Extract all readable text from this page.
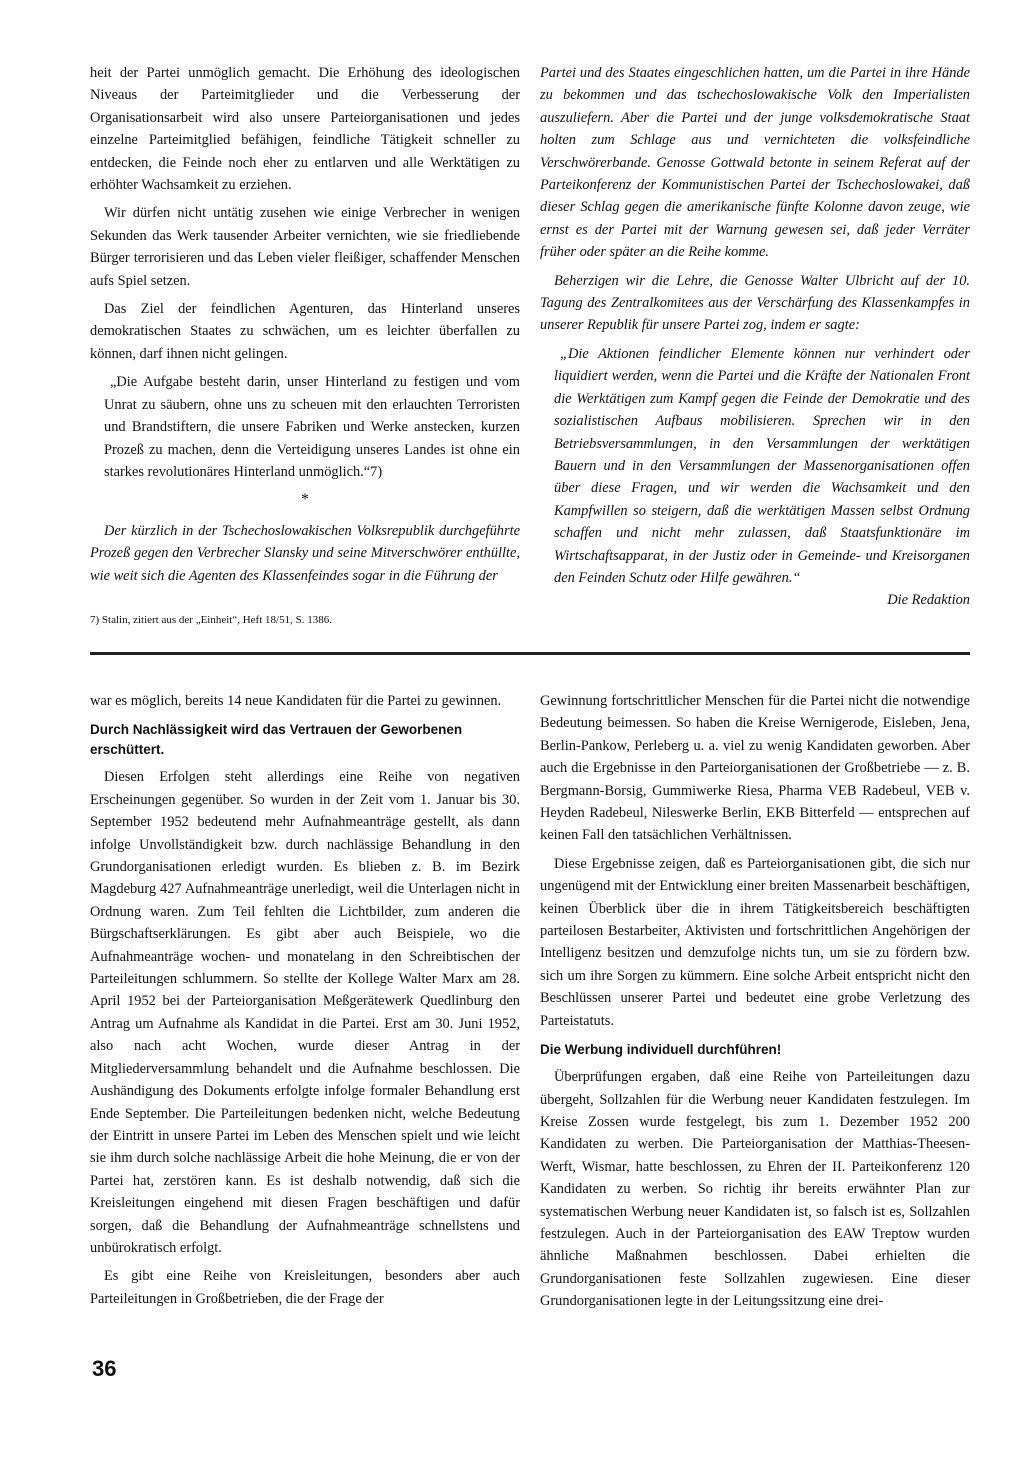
heit der Partei unmöglich gemacht. Die Erhöhung des ideologischen Niveaus der Parteimitglieder und die Verbesserung der Organisationsarbeit wird also unsere Parteiorganisationen und jedes einzelne Parteimitglied befähigen, feindliche Tätigkeit schneller zu entdecken, die Feinde noch eher zu entlarven und alle Werktätigen zu erhöhter Wachsamkeit zu erziehen.

Wir dürfen nicht untätig zusehen wie einige Verbrecher in wenigen Sekunden das Werk tausender Arbeiter vernichten, wie sie friedliebende Bürger terrorisieren und das Leben vieler fleißiger, schaffender Menschen aufs Spiel setzen.

Das Ziel der feindlichen Agenturen, das Hinterland unseres demokratischen Staates zu schwächen, um es leichter überfallen zu können, darf ihnen nicht gelingen.

„Die Aufgabe besteht darin, unser Hinterland zu festigen und vom Unrat zu säubern, ohne uns zu scheuen mit den erlauchten Terroristen und Brandstiftern, die unsere Fabriken und Werke anstecken, kurzen Prozeß zu machen, denn die Verteidigung unseres Landes ist ohne ein starkes revolutionäres Hinterland unmöglich.“7)

*

Der kürzlich in der Tschechoslowakischen Volksrepublik durchgeführte Prozeß gegen den Verbrecher Slansky und seine Mitverschwörer enthüllte, wie weit sich die Agenten des Klassenfeindes sogar in die Führung der

7) Stalin, zitiert aus der „Einheit“, Heft 18/51, S. 1386.

Partei und des Staates eingeschlichen hatten, um die Partei in ihre Hände zu bekommen und das tschechoslowakische Volk den Imperialisten auszuliefern. Aber die Partei und der junge volksdemokratische Staat holten zum Schlage aus und vernichteten die volksfeindliche Verschwörerbande. Genosse Gottwald betonte in seinem Referat auf der Parteikonferenz der Kommunistischen Partei der Tschechoslowakei, daß dieser Schlag gegen die amerikanische fünfte Kolonne davon zeuge, wie ernst es der Partei mit der Warnung gewesen sei, daß jeder Verräter früher oder später an die Reihe komme.

Beherzigen wir die Lehre, die Genosse Walter Ulbricht auf der 10. Tagung des Zentralkomitees aus der Verschärfung des Klassenkampfes in unserer Republik für unsere Partei zog, indem er sagte:

„Die Aktionen feindlicher Elemente können nur verhindert oder liquidiert werden, wenn die Partei und die Kräfte der Nationalen Front die Werktätigen zum Kampf gegen die Feinde der Demokratie und des sozialistischen Aufbaus mobilisieren. Sprechen wir in den Betriebsversammlungen, in den Versammlungen der werktätigen Bauern und in den Versammlungen der Massenorganisationen offen über diese Fragen, und wir werden die Wachsamkeit und den Kampfwillen so steigern, daß die werktätigen Massen selbst Ordnung schaffen und nicht mehr zulassen, daß Staatsfunktionäre im Wirtschaftsapparat, in der Justiz oder in Gemeinde- und Kreisorganen den Feinden Schutz oder Hilfe gewähren.“

Die Redaktion

war es möglich, bereits 14 neue Kandidaten für die Partei zu gewinnen.

Durch Nachlässigkeit wird das Vertrauen der Geworbenen erschüttert.

Diesen Erfolgen steht allerdings eine Reihe von negativen Erscheinungen gegenüber. So wurden in der Zeit vom 1. Januar bis 30. September 1952 bedeutend mehr Aufnahmeanträge gestellt, als dann infolge Unvollständigkeit bzw. durch nachlässige Behandlung in den Grundorganisationen erledigt wurden. Es blieben z. B. im Bezirk Magdeburg 427 Aufnahmeanträge unerledigt, weil die Unterlagen nicht in Ordnung waren. Zum Teil fehlten die Lichtbilder, zum anderen die Bürgschaftserklärungen. Es gibt aber auch Beispiele, wo die Aufnahmeanträge wochen- und monatelang in den Schreibtischen der Parteileitungen schlummern. So stellte der Kollege Walter Marx am 28. April 1952 bei der Parteiorganisation Meßgerätewerk Quedlinburg den Antrag um Aufnahme als Kandidat in die Partei. Erst am 30. Juni 1952, also nach acht Wochen, wurde dieser Antrag in der Mitgliederversammlung behandelt und die Aufnahme beschlossen. Die Aushändigung des Dokuments erfolgte infolge formaler Behandlung erst Ende September. Die Parteileitungen bedenken nicht, welche Bedeutung der Eintritt in unsere Partei im Leben des Menschen spielt und wie leicht sie ihm durch solche nachlässige Arbeit die hohe Meinung, die er von der Partei hat, zerstören kann. Es ist deshalb notwendig, daß sich die Kreisleitungen eingehend mit diesen Fragen beschäftigen und dafür sorgen, daß die Behandlung der Aufnahmeanträge schnellstens und unbürokratisch erfolgt.

Es gibt eine Reihe von Kreisleitungen, besonders aber auch Parteileitungen in Großbetrieben, die der Frage der

Gewinnung fortschrittlicher Menschen für die Partei nicht die notwendige Bedeutung beimessen. So haben die Kreise Wernigerode, Eisleben, Jena, Berlin-Pankow, Perleberg u. a. viel zu wenig Kandidaten geworben. Aber auch die Ergebnisse in den Parteiorganisationen der Großbetriebe — z. B. Bergmann-Borsig, Gummiwerke Riesa, Pharma VEB Radebeul, VEB v. Heyden Radebeul, Nileswerke Berlin, EKB Bitterfeld — entsprechen auf keinen Fall den tatsächlichen Verhältnissen.

Diese Ergebnisse zeigen, daß es Parteiorganisationen gibt, die sich nur ungenügend mit der Entwicklung einer breiten Massenarbeit beschäftigen, keinen Überblick über die in ihrem Tätigkeitsbereich beschäftigten parteilosen Bestarbeiter, Aktivisten und fortschrittlichen Angehörigen der Intelligenz besitzen und demzufolge nichts tun, um sie zu fördern bzw. sich um ihre Sorgen zu kümmern. Eine solche Arbeit entspricht nicht den Beschlüssen unserer Partei und bedeutet eine grobe Verletzung des Parteistatuts.

Die Werbung individuell durchführen!

Überprüfungen ergaben, daß eine Reihe von Parteileitungen dazu übergeht, Sollzahlen für die Werbung neuer Kandidaten festzulegen. Im Kreise Zossen wurde festgelegt, bis zum 1. Dezember 1952 200 Kandidaten zu werben. Die Parteiorganisation der Matthias-Theesen-Werft, Wismar, hatte beschlossen, zu Ehren der II. Parteikonferenz 120 Kandidaten zu werben. So richtig ihr bereits erwähnter Plan zur systematischen Werbung neuer Kandidaten ist, so falsch ist es, Sollzahlen festzulegen. Auch in der Parteiorganisation des EAW Treptow wurden ähnliche Maßnahmen beschlossen. Dabei erhielten die Grundorganisationen feste Sollzahlen zugewiesen. Eine dieser Grundorganisationen legte in der Leitungssitzung eine drei-

36
